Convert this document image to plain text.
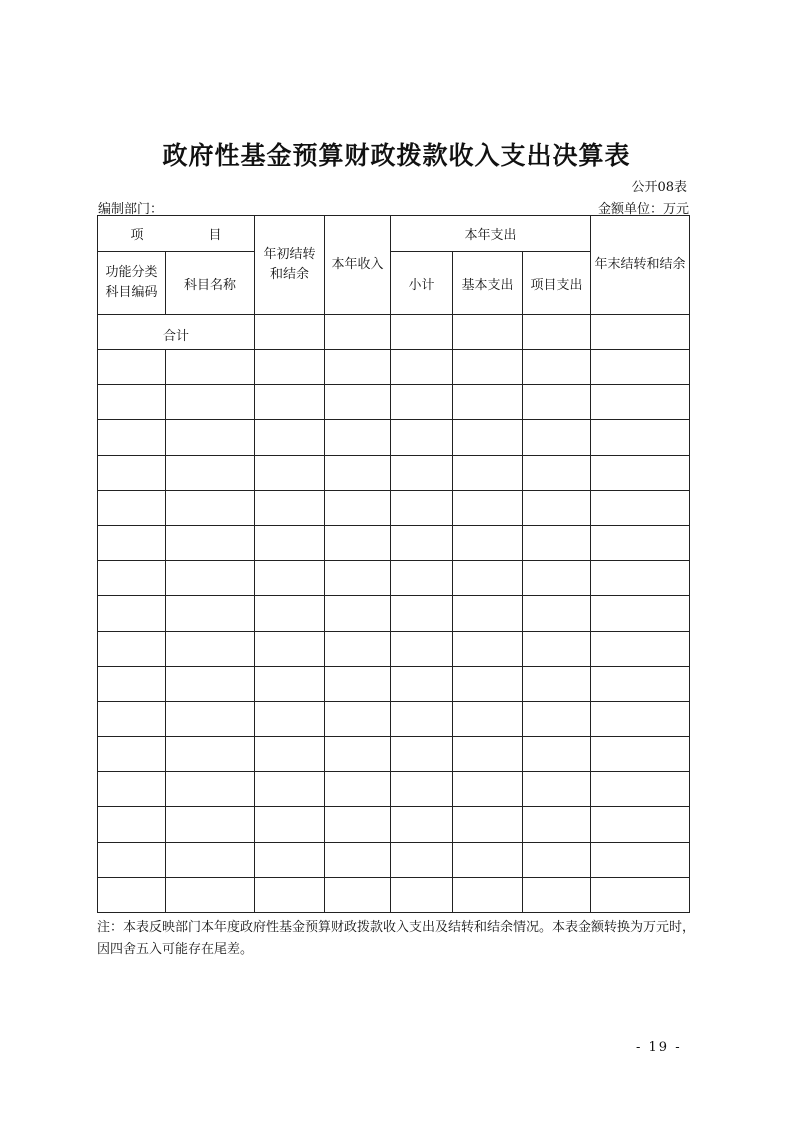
政府性基金预算财政拨款收入支出决算表
公开08表
编制部门：	金额单位：万元
项　目		年初结转和结余	本年收入	本年支出			年末结转和结余

功能分类科目编码	科目名称			小计	基本支出	项目支出	

合计							

注：本表反映部门本年度政府性基金预算财政拨款收入支出及结转和结余情况。本表金额转换为万元时，因四舍五入可能存在尾差。
- 19 -
